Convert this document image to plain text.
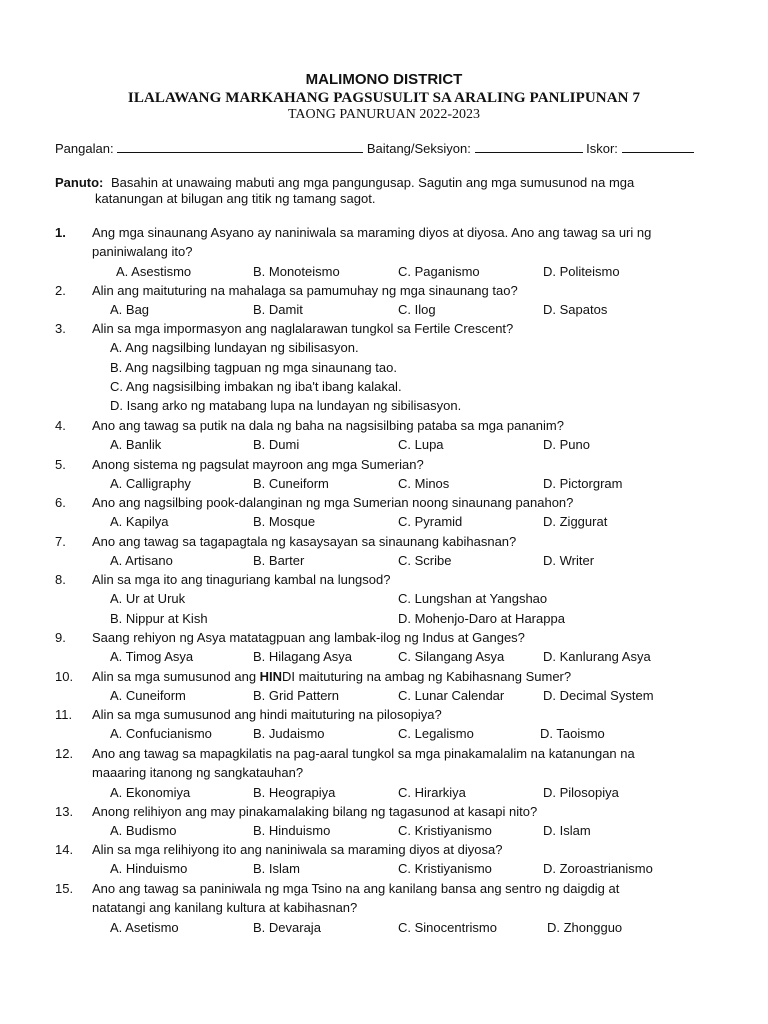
MALIMONO DISTRICT
ILALAWANG MARKAHANG PAGSUSULIT SA ARALING PANLIPUNAN 7
TAONG PANURUAN 2022-2023
Pangalan:	Baitang/Seksiyon:	Iskor:
Panuto: Basahin at unawaing mabuti ang mga pangungusap. Sagutin ang mga sumusunod na mga
katanungan at bilugan ang titik ng tamang sagot.
1. Ang mga sinaunang Asyano ay naniniwala sa maraming diyos at diyosa. Ano ang tawag sa uri ng
paniniwalang ito?
A. Asestismo	B. Monoteismo	C. Paganismo	D. Politeismo
2. Alin ang maituturing na mahalaga sa pamumuhay ng mga sinaunang tao?
A. Bag	B. Damit	C. Ilog	D. Sapatos
3. Alin sa mga impormasyon ang naglalarawan tungkol sa Fertile Crescent?
A. Ang nagsilbing lundayan ng sibilisasyon.
B. Ang nagsilbing tagpuan ng mga sinaunang tao.
C. Ang nagsisilbing imbakan ng iba't ibang kalakal.
D. Isang arko ng matabang lupa na lundayan ng sibilisasyon.
4. Ano ang tawag sa putik na dala ng baha na nagsisilbing pataba sa mga pananim?
A. Banlik	B. Dumi	C. Lupa	D. Puno
5. Anong sistema ng pagsulat mayroon ang mga Sumerian?
A. Calligraphy	B. Cuneiform	C. Minos	D. Pictorgram
6. Ano ang nagsilbing pook-dalanginan ng mga Sumerian noong sinaunang panahon?
A. Kapilya	B. Mosque	C. Pyramid	D. Ziggurat
7. Ano ang tawag sa tagapagtala ng kasaysayan sa sinaunang kabihasnan?
A. Artisano	B. Barter	C. Scribe	D. Writer
8. Alin sa mga ito ang tinaguriang kambal na lungsod?
A. Ur at Uruk	C. Lungshan at Yangshao
B. Nippur at Kish	D. Mohenjo-Daro at Harappa
9. Saang rehiyon ng Asya matatagpuan ang lambak-ilog ng Indus at Ganges?
A. Timog Asya	B. Hilagang Asya	C. Silangang Asya	D. Kanlurang Asya
10. Alin sa mga sumusunod ang HINDI maituturing na ambag ng Kabihasnang Sumer?
A. Cuneiform	B. Grid Pattern	C. Lunar Calendar	D. Decimal System
11. Alin sa mga sumusunod ang hindi maituturing na pilosopiya?
A. Confucianismo	B. Judaismo	C. Legalismo	D. Taoismo
12. Ano ang tawag sa mapagkilatis na pag-aaral tungkol sa mga pinakamalalim na katanungan na
maaaring itanong ng sangkatauhan?
A. Ekonomiya	B. Heograpiya	C. Hirarkiya	D. Pilosopiya
13. Anong relihiyon ang may pinakamalaking bilang ng tagasunod at kasapi nito?
A. Budismo	B. Hinduismo	C. Kristiyanismo	D. Islam
14. Alin sa mga relihiyong ito ang naniniwala sa maraming diyos at diyosa?
A. Hinduismo	B. Islam	C. Kristiyanismo	D. Zoroastrianismo
15. Ano ang tawag sa paniniwala ng mga Tsino na ang kanilang bansa ang sentro ng daigdig at
natatangi ang kanilang kultura at kabihasnan?
A. Asetismo	B. Devaraja	C. Sinocentrismo	D. Zhongguo
